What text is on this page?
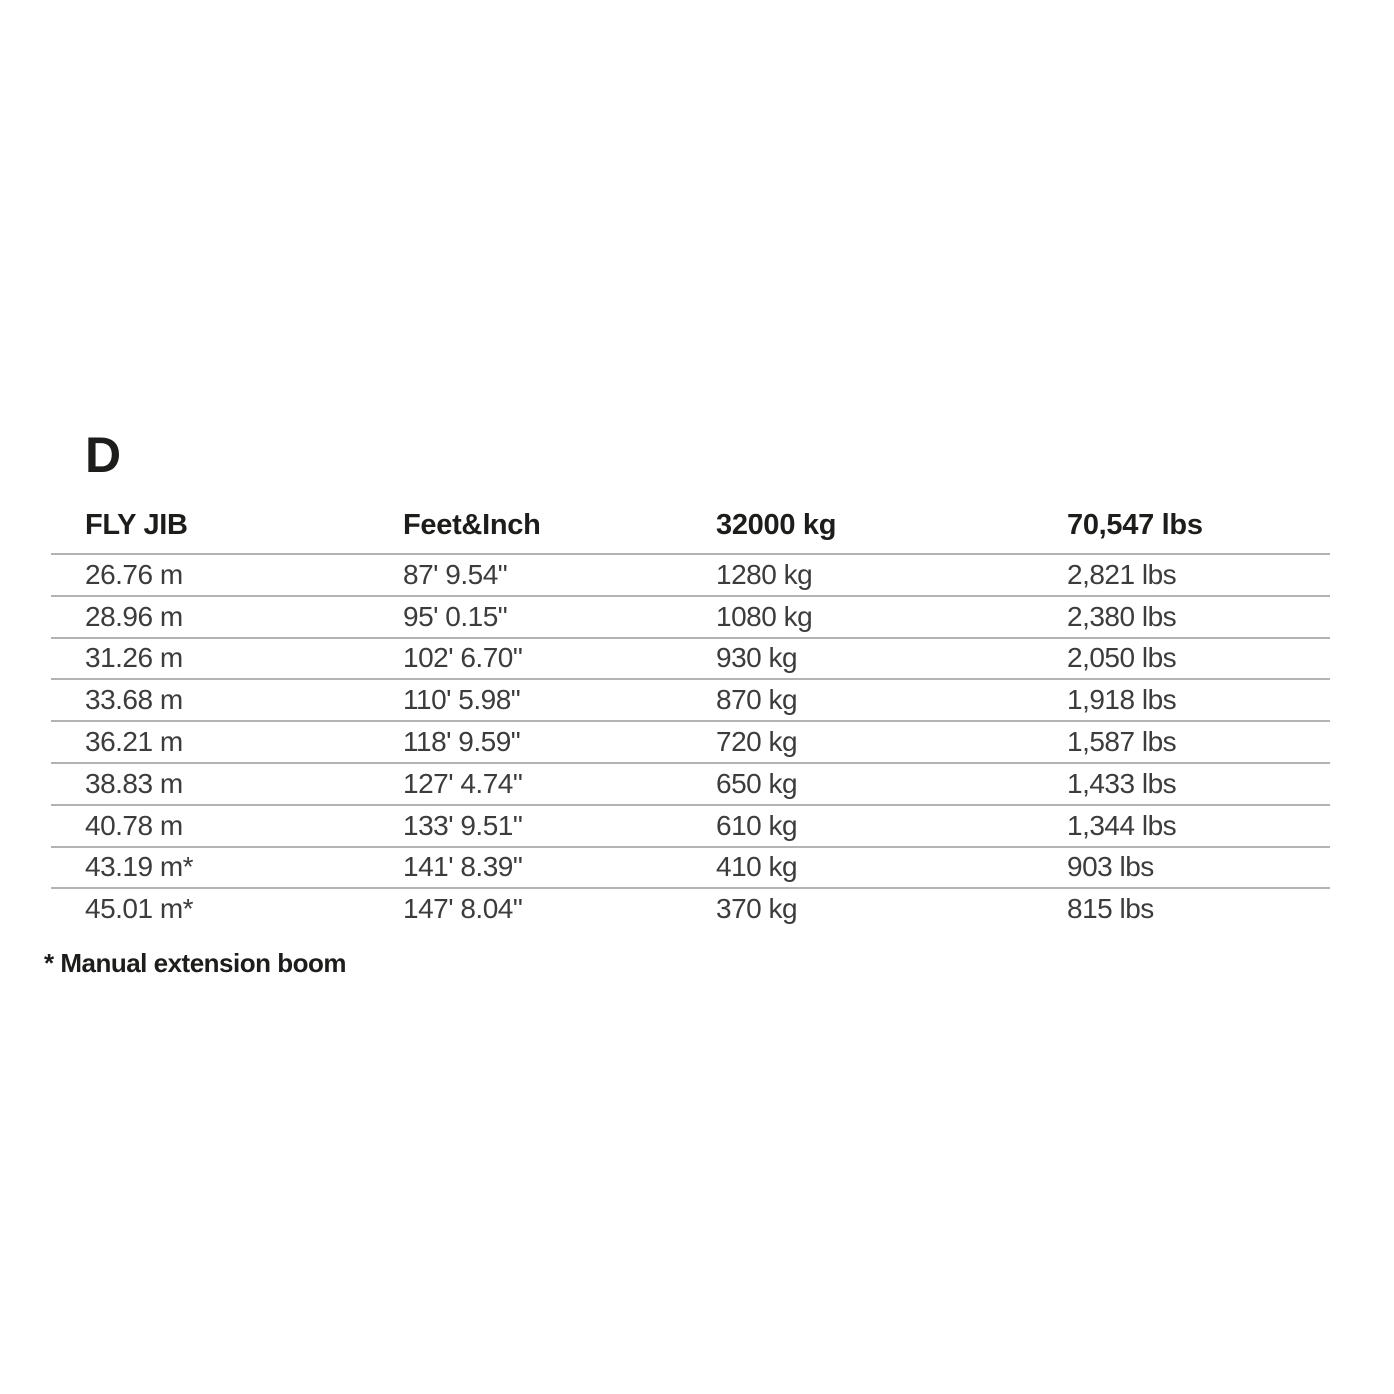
D
FLY JIB	Feet&Inch	32000 kg	70,547 lbs
26.76 m	87' 9.54"	1280 kg	2,821 lbs
28.96 m	95' 0.15"	1080 kg	2,380 lbs
31.26 m	102' 6.70"	930 kg	2,050 lbs
33.68 m	110' 5.98"	870 kg	1,918 lbs
36.21 m	118' 9.59"	720 kg	1,587 lbs
38.83 m	127' 4.74"	650 kg	1,433 lbs
40.78 m	133' 9.51"	610 kg	1,344 lbs
43.19 m*	141' 8.39"	410 kg	903 lbs
45.01 m*	147' 8.04"	370 kg	815 lbs
* Manual extension boom
